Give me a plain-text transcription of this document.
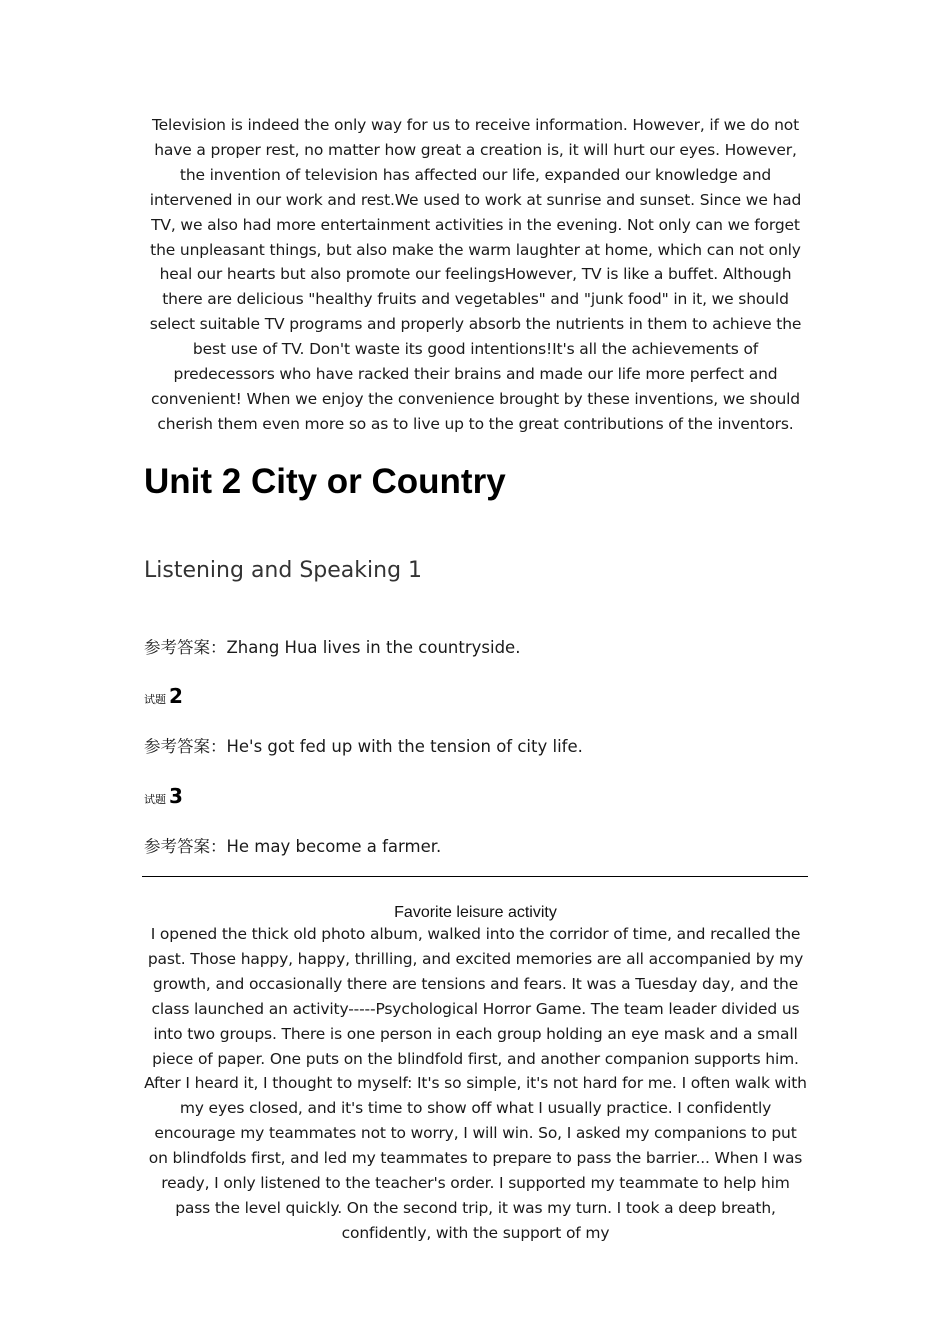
Television is indeed the only way for us to receive information. However, if we do not have a proper rest, no matter how great a creation is, it will hurt our eyes. However, the invention of television has affected our life, expanded our knowledge and intervened in our work and rest.We used to work at sunrise and sunset. Since we had TV, we also had more entertainment activities in the evening. Not only can we forget the unpleasant things, but also make the warm laughter at home, which can not only heal our hearts but also promote our feelingsHowever, TV is like a buffet. Although there are delicious "healthy fruits and vegetables" and "junk food" in it, we should select suitable TV programs and properly absorb the nutrients in them to achieve the best use of TV. Don't waste its good intentions!It's all the achievements of predecessors who have racked their brains and made our life more perfect and convenient! When we enjoy the convenience brought by these inventions, we should cherish them even more so as to live up to the great contributions of the inventors.
Unit 2 City or Country
Listening and Speaking 1
参考答案：Zhang Hua lives in the countryside.
试题 2
参考答案：He's got fed up with the tension of city life.
试题 3
参考答案：He may become a farmer.
Favorite leisure activity
I opened the thick old photo album, walked into the corridor of time, and recalled the past. Those happy, happy, thrilling, and excited memories are all accompanied by my growth, and occasionally there are tensions and fears. It was a Tuesday day, and the class launched an activity-----Psychological Horror Game. The team leader divided us into two groups. There is one person in each group holding an eye mask and a small piece of paper. One puts on the blindfold first, and another companion supports him. After I heard it, I thought to myself: It's so simple, it's not hard for me. I often walk with my eyes closed, and it's time to show off what I usually practice. I confidently encourage my teammates not to worry, I will win. So, I asked my companions to put on blindfolds first, and led my teammates to prepare to pass the barrier... When I was ready, I only listened to the teacher's order. I supported my teammate to help him pass the level quickly. On the second trip, it was my turn. I took a deep breath, confidently, with the support of my
